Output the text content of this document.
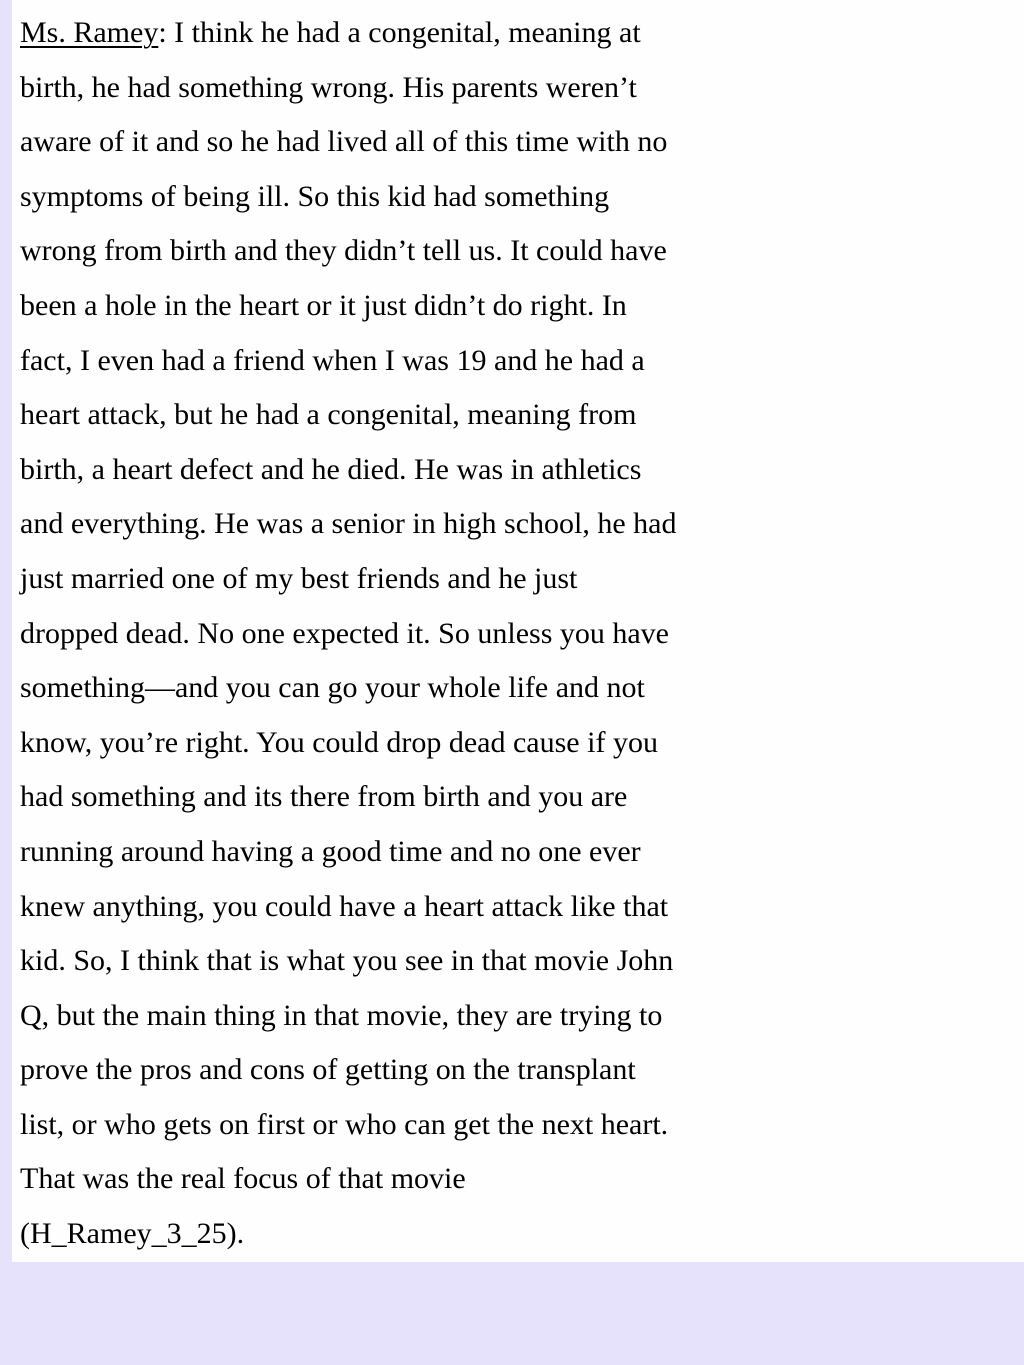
Ms. Ramey: I think he had a congenital, meaning at
birth, he had something wrong. His parents weren’t
aware of it and so he had lived all of this time with no
symptoms of being ill. So this kid had something
wrong from birth and they didn’t tell us. It could have
been a hole in the heart or it just didn’t do right. In
fact, I even had a friend when I was 19 and he had a
heart attack, but he had a congenital, meaning from
birth, a heart defect and he died. He was in athletics
and everything. He was a senior in high school, he had
just married one of my best friends and he just
dropped dead. No one expected it. So unless you have
something—and you can go your whole life and not
know, you’re right. You could drop dead cause if you
had something and its there from birth and you are
running around having a good time and no one ever
knew anything, you could have a heart attack like that
kid. So, I think that is what you see in that movie John
Q, but the main thing in that movie, they are trying to
prove the pros and cons of getting on the transplant
list, or who gets on first or who can get the next heart.
That was the real focus of that movie
(H_Ramey_3_25).
